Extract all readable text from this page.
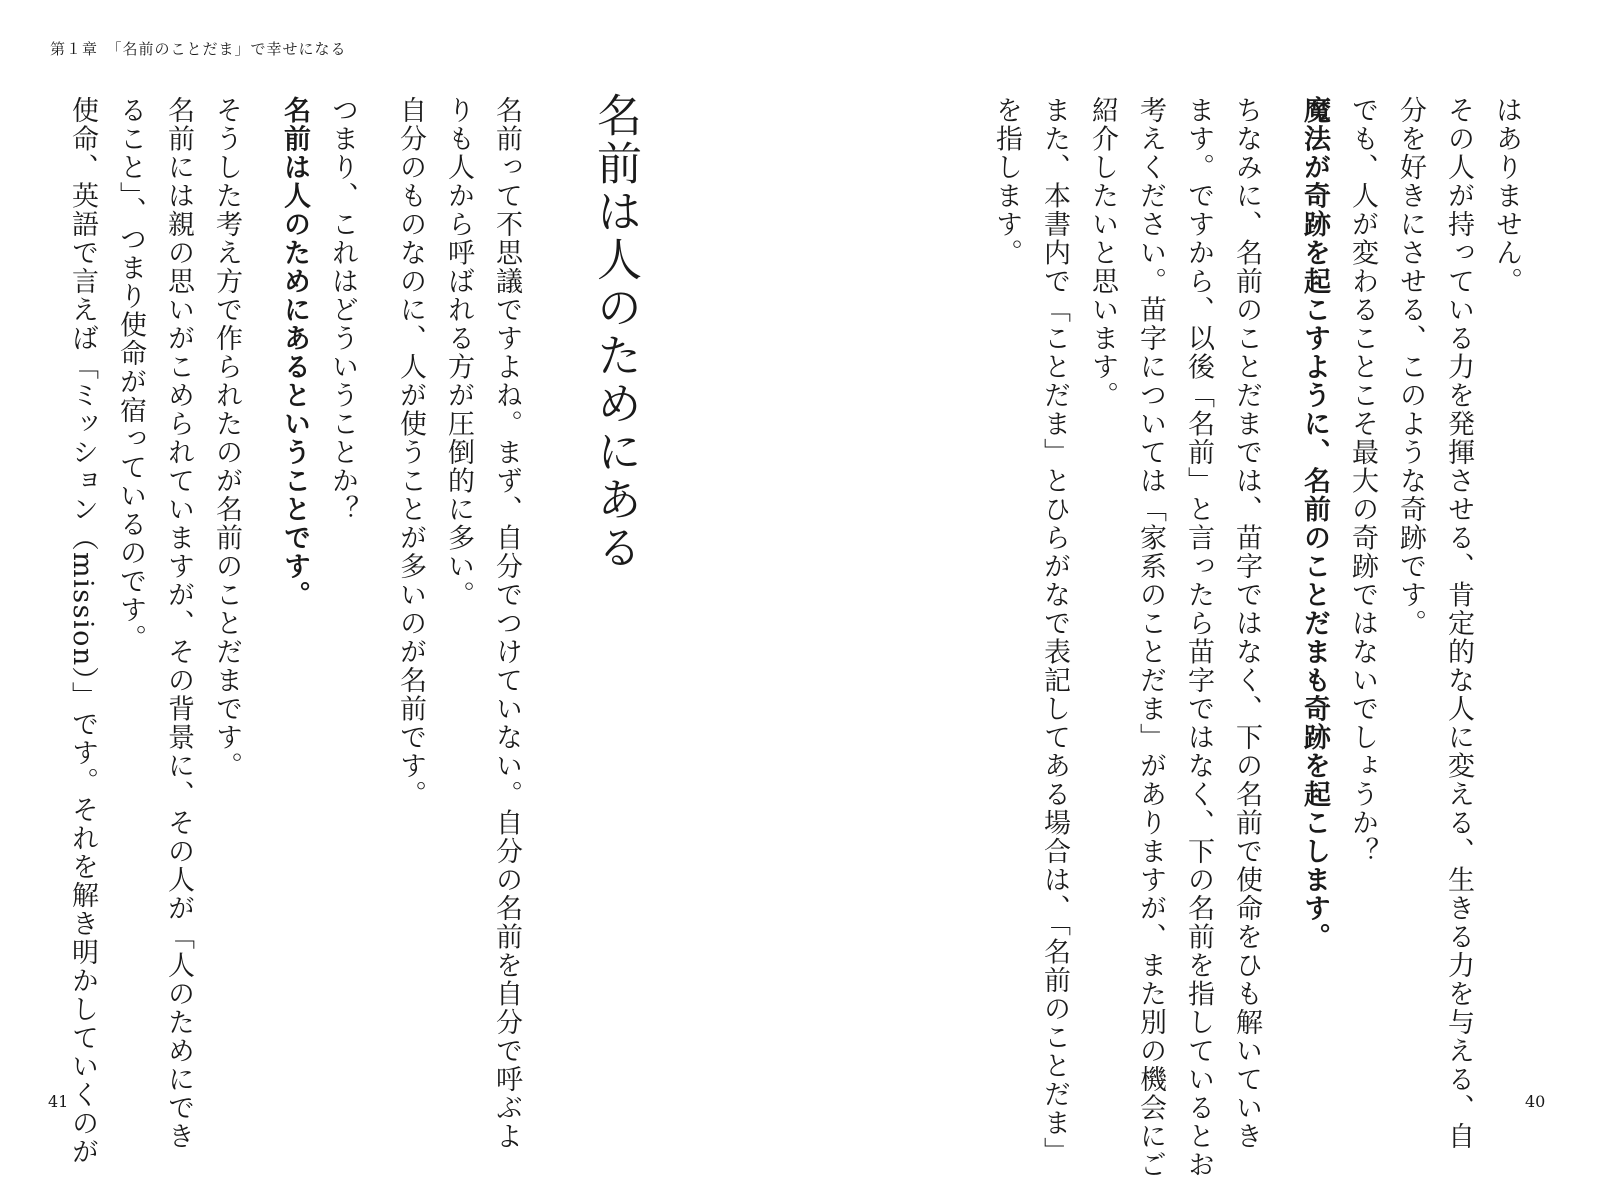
第１章　「名前のことだま」で幸せになる
はありません。
その人が持っている力を発揮させる、肯定的な人に変える、生きる力を与える、自
分を好きにさせる、このような奇跡です。
でも、人が変わることこそ最大の奇跡ではないでしょうか？
魔法が奇跡を起こすように、名前のことだまも奇跡を起こします。
ちなみに、名前のことだまでは、苗字ではなく、下の名前で使命をひも解いていき
ます。ですから、以後「名前」と言ったら苗字ではなく、下の名前を指しているとお
考えください。苗字については「家系のことだま」がありますが、また別の機会にご
紹介したいと思います。
また、本書内で「ことだま」とひらがなで表記してある場合は、「名前のことだま」
を指します。
名前は人のためにある
名前って不思議ですよね。まず、自分でつけていない。自分の名前を自分で呼ぶよ
りも人から呼ばれる方が圧倒的に多い。
自分のものなのに、人が使うことが多いのが名前です。
つまり、これはどういうことか？
名前は人のためにあるということです。
そうした考え方で作られたのが名前のことだまです。
名前には親の思いがこめられていますが、その背景に、その人が「人のためにでき
ること」、つまり使命が宿っているのです。
使命、英語で言えば「ミッション（mission）」です。それを解き明かしていくのが
41	40
